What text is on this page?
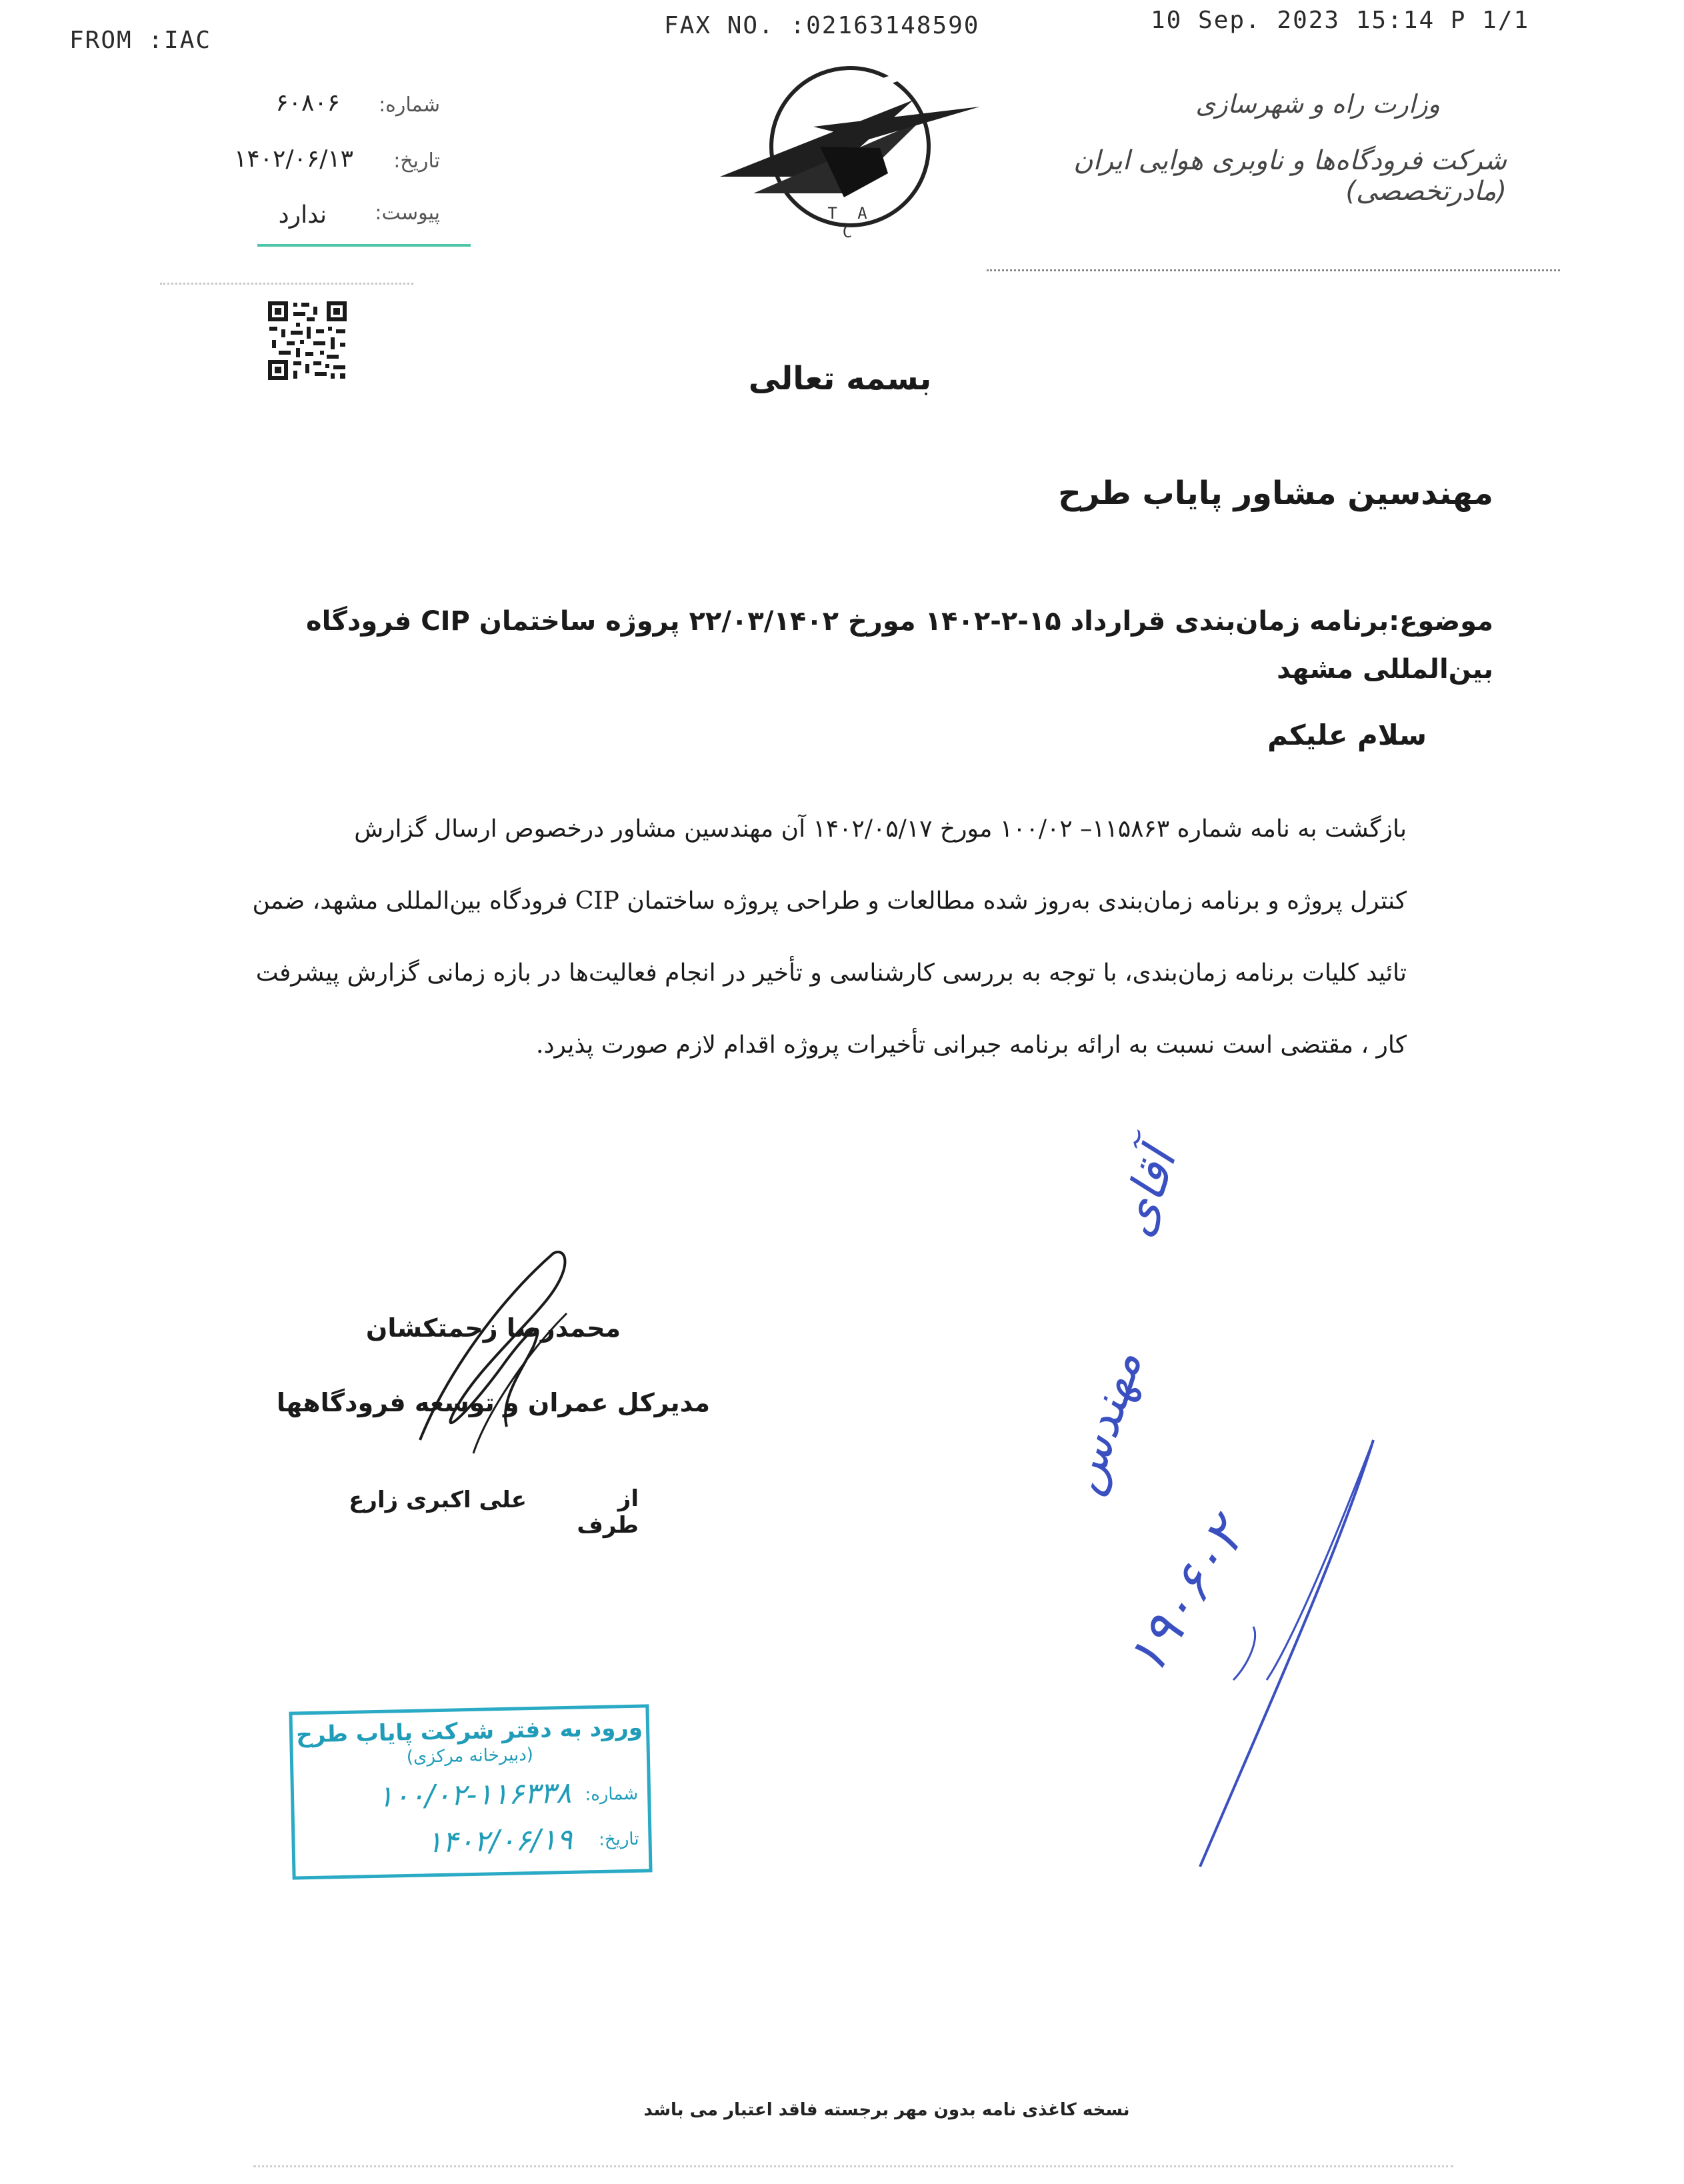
FROM :IAC
FAX NO. :02163148590	10 Sep. 2023 15:14 P 1/1
شماره:
۶۰۸۰۶
تاریخ:
۱۴۰۲/۰۶/۱۳
پیوست:
ندارد	T A C
وزارت راه و شهرسازی
شرکت فرودگاه‌ها و ناوبری هوایی ایران (مادرتخصصی)
بسمه تعالی
مهندسین مشاور پایاب طرح
موضوع:برنامه زمان‌بندی قرارداد ۱۵-۲-۱۴۰۲ مورخ ۲۲/۰۳/۱۴۰۲ پروژه ساختمان CIP فرودگاه بین‌المللی مشهد
سلام علیکم
بازگشت به نامه شماره ۱۱۵۸۶۳– ۱۰۰/۰۲ مورخ ۱۴۰۲/۰۵/۱۷ آن مهندسین مشاور درخصوص ارسال گزارش
کنترل پروژه و برنامه زمان‌بندی به‌روز شده مطالعات و طراحی پروژه ساختمان CIP فرودگاه بین‌المللی مشهد، ضمن
تائید کلیات برنامه زمان‌بندی، با توجه به بررسی کارشناسی و تأخیر در انجام فعالیت‌ها در بازه زمانی گزارش پیشرفت
کار ، مقتضی است نسبت به ارائه برنامه جبرانی تأخیرات پروژه اقدام لازم صورت پذیرد.
محمدرضا زحمتکشان
مدیرکل عمران و توسعه فرودگاهها
از طرف
علی اکبری زارع
آقای
مهندس
۱۹۰۶۰۲
ورود به دفتر شرکت پایاب طرح
(دبیرخانه مرکزی)
شماره:
۱۰۰/۰۲-۱۱۶۳۳۸
تاریخ:
۱۴۰۲/۰۶/۱۹
نسخه کاغذی نامه بدون مهر برجسته فاقد اعتبار می باشد
